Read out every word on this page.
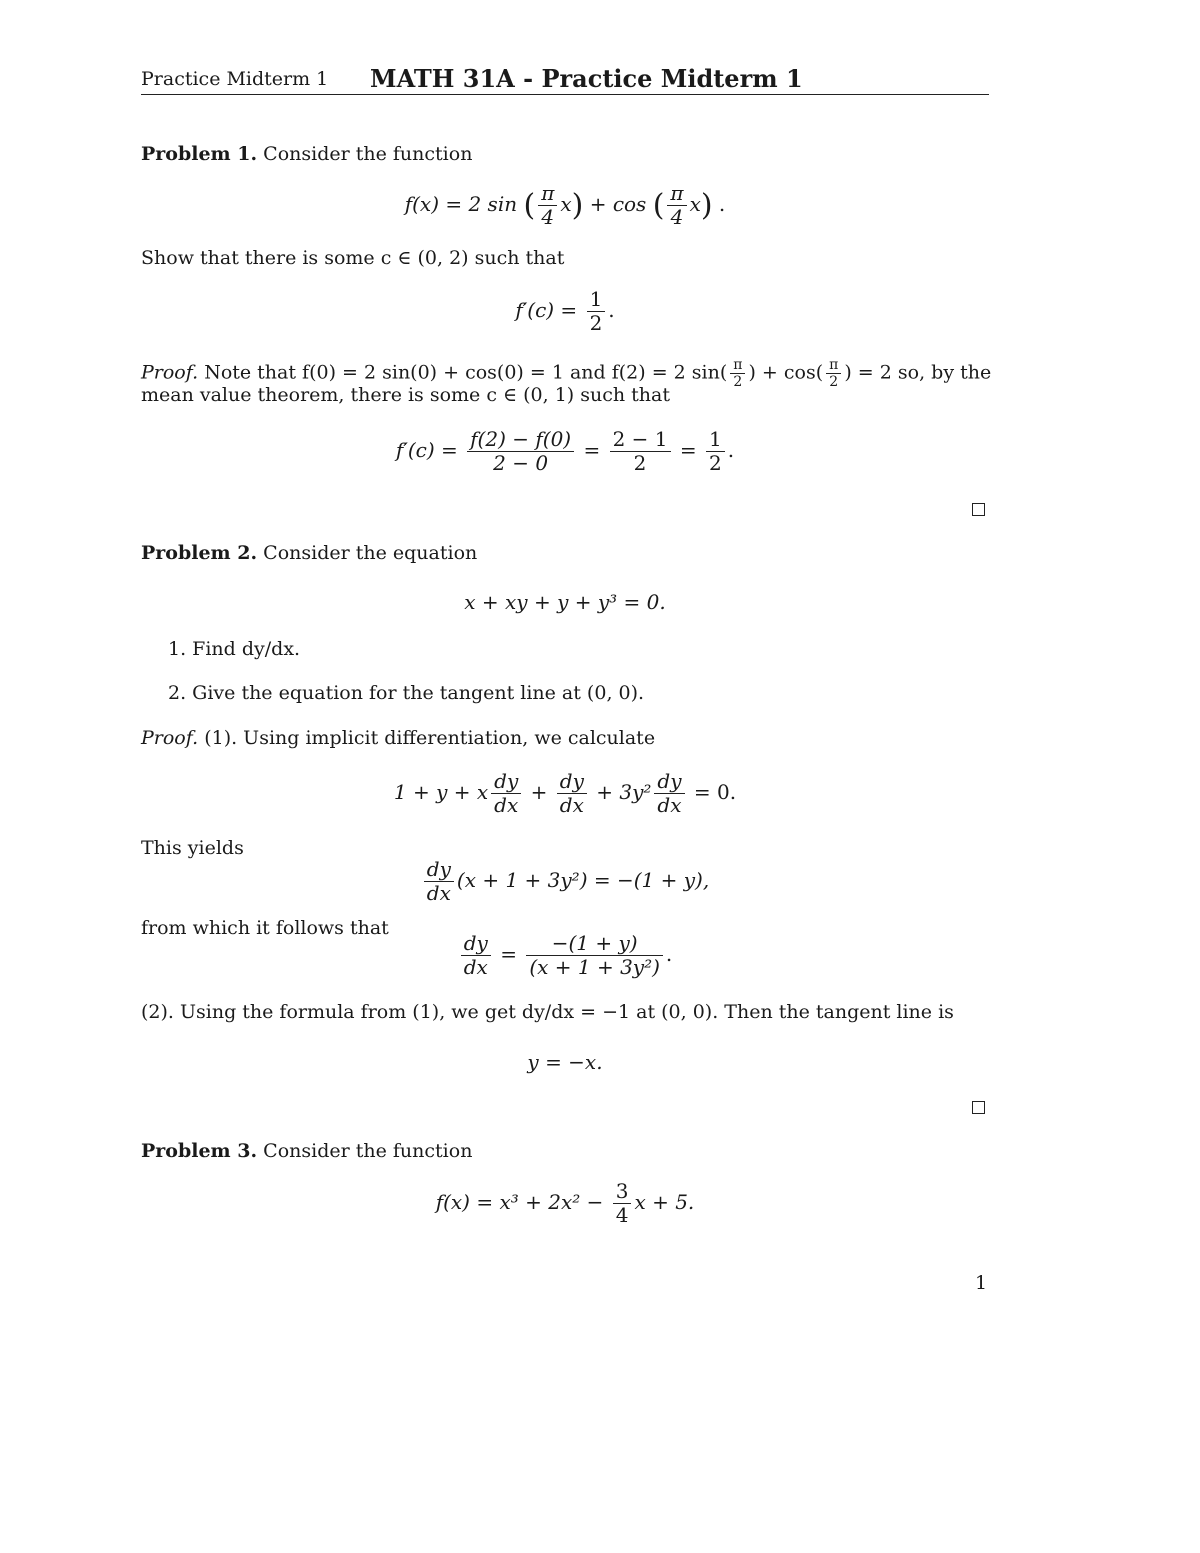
Practice Midterm 1 MATH 31A - Practice Midterm 1
Problem 1. Consider the function
f(x) = 2 sin ( $\frac{\pi}{4} x) + \cos$ ( $\frac{\pi}{4} x$) .
Show that there is some c ∈ (0, 2) such that
$f'(c) = \frac{1}{2}$ .
Proof. Note that f(0) = 2 sin(0) + cos(0) = 1 and f(2) = 2 $\sin( \frac{\pi}{2}$ ) + $\cos( \frac{\pi}{2}$ ) = 2 so, by the
mean value theorem, there is some c ∈ (0, 1) such that
$f'(c) = \frac{f(2) - f(0)}{2 - 0} = \frac{2 - 1}{2} = \frac{1}{2}$ .
Problem 2. Consider the equation
x + xy + y + y³ = 0.
1. Find dy/dx.
2. Give the equation for the tangent line at (0, 0).
Proof. (1). Using implicit differentiation, we calculate
1 + y + x $\frac{dy}{dx} + \frac{dy}{dx} + 3y^2 \frac{dy}{dx} = 0$.
This yields
$\frac{dy}{dx} (x + 1 + 3y^2) = -(1 + y)$,
from which it follows that
$\frac{dy}{dx} = \frac{-(1 + y)}{\text{(x + 1 + 3y²)}}$ .
(2). Using the formula from (1), we get dy/dx = −1 at (0, 0). Then the tangent line is
y = −x.
Problem 3. Consider the function
$f(x) = x^3 + 2x^2 - \frac{3}{4}$ x + 5.
1
